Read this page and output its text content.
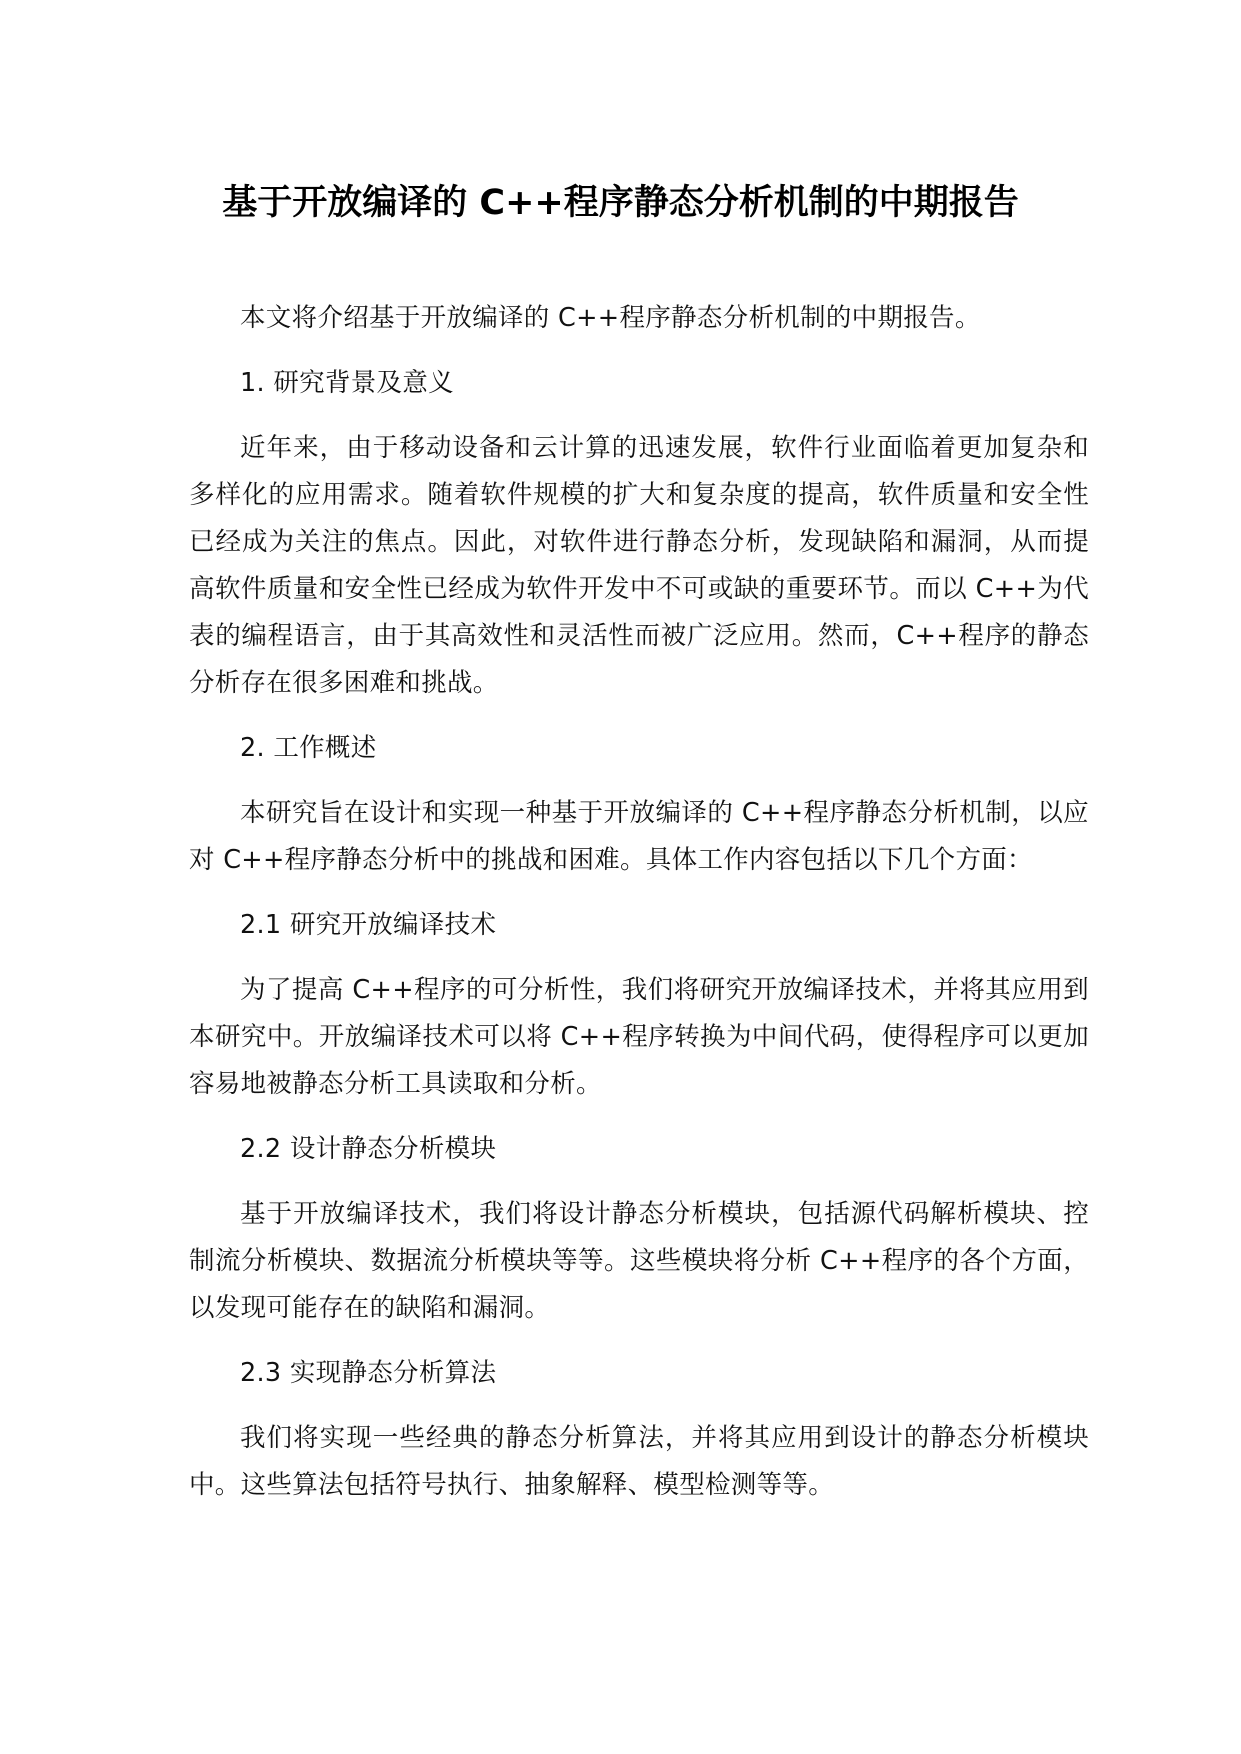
基于开放编译的 C++程序静态分析机制的中期报告
本文将介绍基于开放编译的 C++程序静态分析机制的中期报告。
1. 研究背景及意义
近年来，由于移动设备和云计算的迅速发展，软件行业面临着更加复杂和多样化的应用需求。随着软件规模的扩大和复杂度的提高，软件质量和安全性已经成为关注的焦点。因此，对软件进行静态分析，发现缺陷和漏洞，从而提高软件质量和安全性已经成为软件开发中不可或缺的重要环节。而以 C++为代表的编程语言，由于其高效性和灵活性而被广泛应用。然而，C++程序的静态分析存在很多困难和挑战。
2. 工作概述
本研究旨在设计和实现一种基于开放编译的 C++程序静态分析机制，以应对 C++程序静态分析中的挑战和困难。具体工作内容包括以下几个方面：
2.1 研究开放编译技术
为了提高 C++程序的可分析性，我们将研究开放编译技术，并将其应用到本研究中。开放编译技术可以将 C++程序转换为中间代码，使得程序可以更加容易地被静态分析工具读取和分析。
2.2 设计静态分析模块
基于开放编译技术，我们将设计静态分析模块，包括源代码解析模块、控制流分析模块、数据流分析模块等等。这些模块将分析 C++程序的各个方面，以发现可能存在的缺陷和漏洞。
2.3 实现静态分析算法
我们将实现一些经典的静态分析算法，并将其应用到设计的静态分析模块中。这些算法包括符号执行、抽象解释、模型检测等等。
